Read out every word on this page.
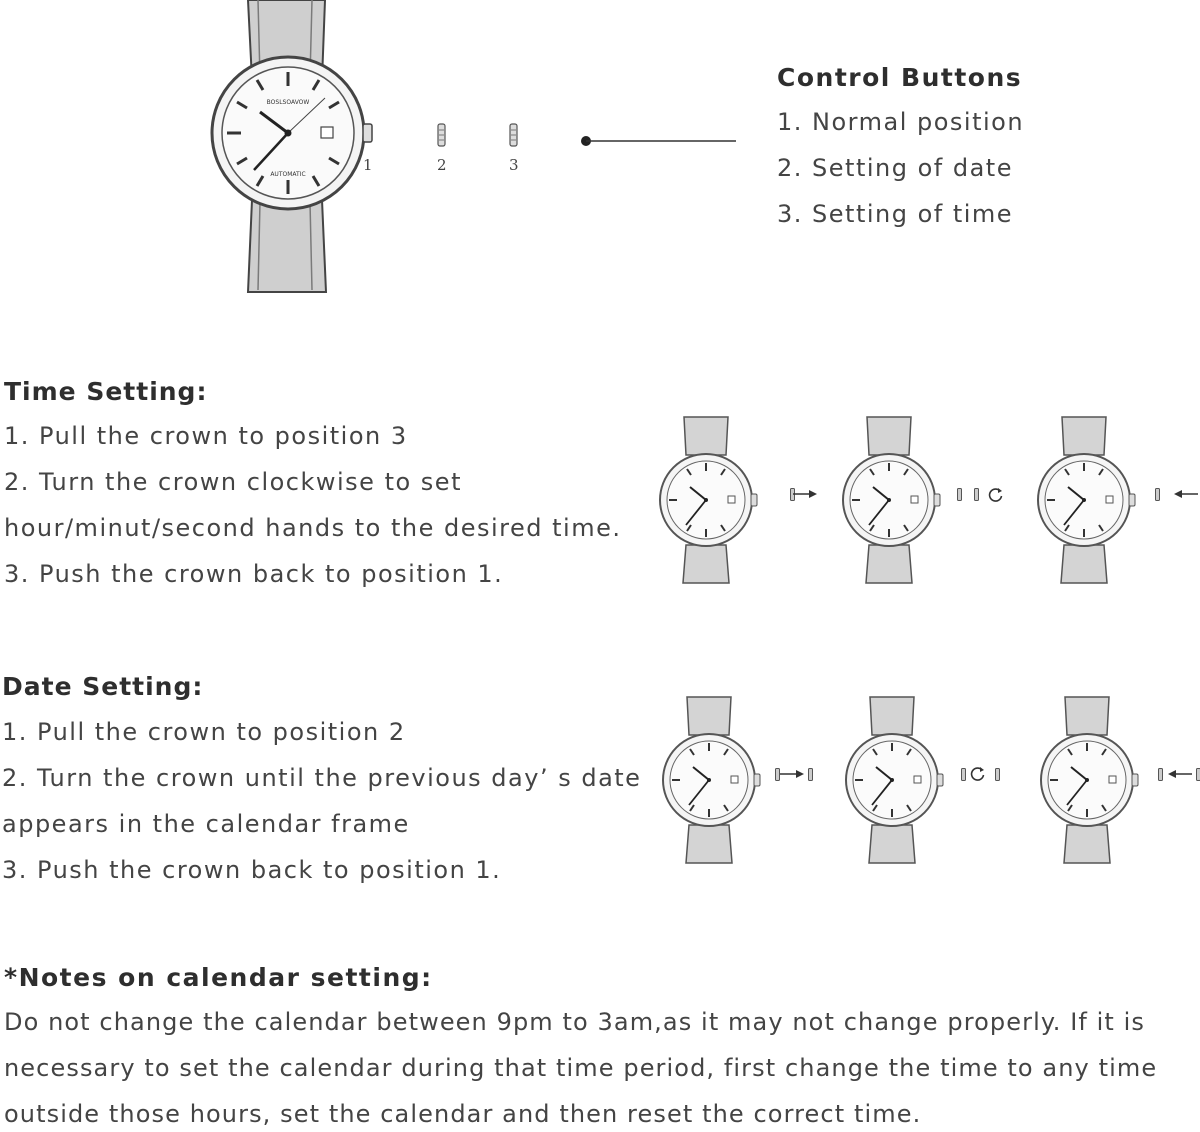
BOSLSOAVOW
AUTOMATIC
1	2	3
Control Buttons
1. Normal position
2. Setting of date
3. Setting of time
Time Setting:
1. Pull the crown to position 3
2. Turn the crown clockwise to set
hour/minut/second hands to the desired time.
3. Push the crown back to position 1.
Date Setting:
1. Pull the crown to position 2
2. Turn the crown until the previous day’ s date
appears in the calendar frame
3. Push the crown back to position 1.
*Notes on calendar setting:
Do not change the calendar between 9pm to 3am,as it may not change properly. If it is
necessary to set the calendar during that time period, first change the time to any time
outside those hours, set the calendar and then reset the correct time.
